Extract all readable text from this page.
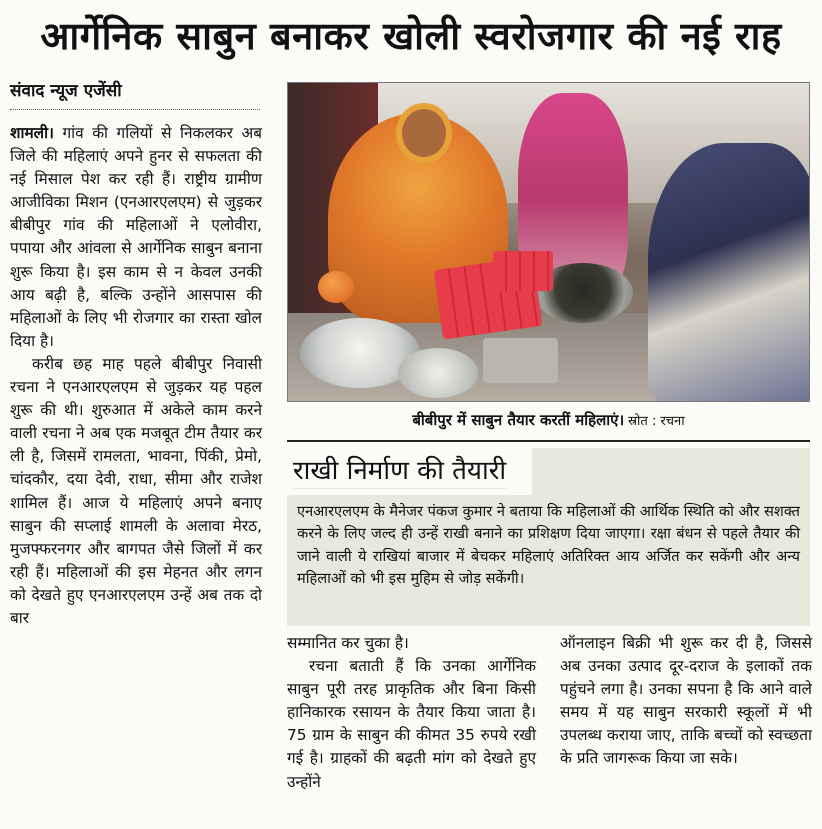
आर्गेनिक साबुन बनाकर खोली स्वरोजगार की नई राह
संवाद न्यूज एजेंसी

शामली। गांव की गलियों से निकलकर अब जिले की महिलाएं अपने हुनर से सफलता की नई मिसाल पेश कर रही हैं। राष्ट्रीय ग्रामीण आजीविका मिशन (एनआरएलएम) से जुड़कर बीबीपुर गांव की महिलाओं ने एलोवीरा, पपाया और आंवला से आर्गेनिक साबुन बनाना शुरू किया है। इस काम से न केवल उनकी आय बढ़ी है, बल्कि उन्होंने आसपास की महिलाओं के लिए भी रोजगार का रास्ता खोल दिया है।

करीब छह माह पहले बीबीपुर निवासी रचना ने एनआरएलएम से जुड़कर यह पहल शुरू की थी। शुरुआत में अकेले काम करने वाली रचना ने अब एक मजबूत टीम तैयार कर ली है, जिसमें रामलता, भावना, पिंकी, प्रेमो, चांदकौर, दया देवी, राधा, सीमा और राजेश शामिल हैं। आज ये महिलाएं अपने बनाए साबुन की सप्लाई शामली के अलावा मेरठ, मुजफ्फरनगर और बागपत जैसे जिलों में कर रही हैं। महिलाओं की इस मेहनत और लगन को देखते हुए एनआरएलएम उन्हें अब तक दो बार

बीबीपुर में साबुन तैयार करतीं महिलाएं। स्रोत : रचना
राखी निर्माण की तैयारी

एनआरएलएम के मैनेजर पंकज कुमार ने बताया कि महिलाओं की आर्थिक स्थिति को और सशक्त करने के लिए जल्द ही उन्हें राखी बनाने का प्रशिक्षण दिया जाएगा। रक्षा बंधन से पहले तैयार की जाने वाली ये राखियां बाजार में बेचकर महिलाएं अतिरिक्त आय अर्जित कर सकेंगी और अन्य महिलाओं को भी इस मुहिम से जोड़ सकेंगी।

सम्मानित कर चुका है।

रचना बताती हैं कि उनका आर्गेनिक साबुन पूरी तरह प्राकृतिक और बिना किसी हानिकारक रसायन के तैयार किया जाता है। 75 ग्राम के साबुन की कीमत 35 रुपये रखी गई है। ग्राहकों की बढ़ती मांग को देखते हुए उन्होंने

ऑनलाइन बिक्री भी शुरू कर दी है, जिससे अब उनका उत्पाद दूर-दराज के इलाकों तक पहुंचने लगा है। उनका सपना है कि आने वाले समय में यह साबुन सरकारी स्कूलों में भी उपलब्ध कराया जाए, ताकि बच्चों को स्वच्छता के प्रति जागरूक किया जा सके।
